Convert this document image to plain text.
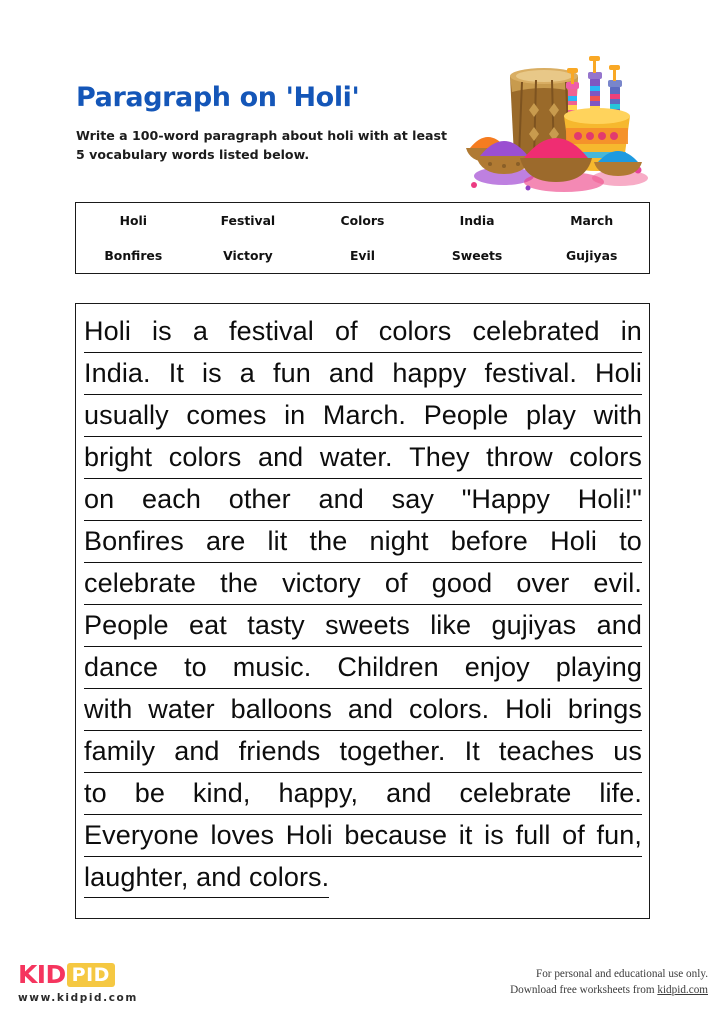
Paragraph on 'Holi'
Write a 100-word paragraph about holi with at least 5 vocabulary words listed below.
Holi	Festival	Colors	India	March
Bonfires	Victory	Evil	Sweets	Gujiyas
Holi is a festival of colors celebrated in
India. It is a fun and happy festival. Holi
usually comes in March. People play with
bright colors and water. They throw colors
on each other and say "Happy Holi!"
Bonfires are lit the night before Holi to
celebrate the victory of good over evil.
People eat tasty sweets like gujiyas and
dance to music. Children enjoy playing
with water balloons and colors. Holi brings
family and friends together. It teaches us
to be kind, happy, and celebrate life.
Everyone loves Holi because it is full of fun,
laughter, and colors.
KID PID
www.kidpid.com
For personal and educational use only.
Download free worksheets from kidpid.com
